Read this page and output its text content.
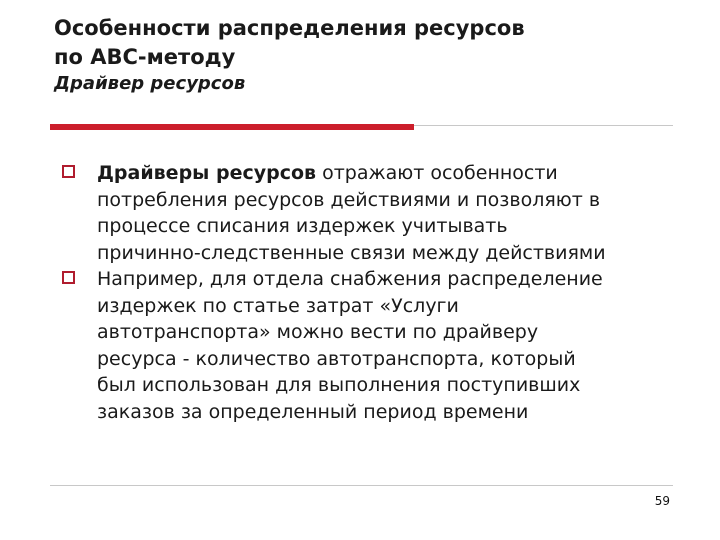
Особенности распределения ресурсов
по АВС-методу
Драйвер ресурсов
Драйверы ресурсов отражают особенности
потребления ресурсов действиями и позволяют в
процессе списания издержек учитывать
причинно-следственные связи между действиями
Например, для отдела снабжения распределение
издержек по статье затрат «Услуги
автотранспорта» можно вести по драйверу
ресурса - количество автотранспорта, который
был использован для выполнения поступивших
заказов за определенный период времени
59
